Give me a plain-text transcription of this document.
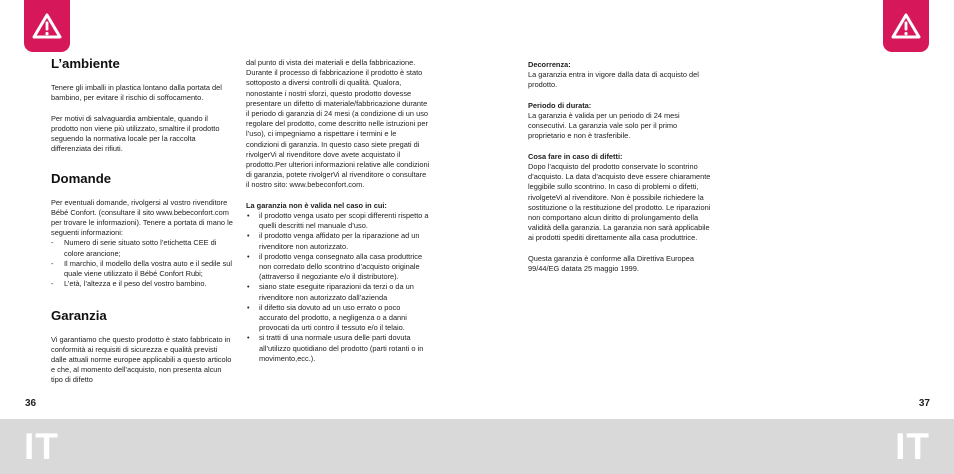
L’ambiente

Tenere gli imballi in plastica lontano dalla portata del bambino, per evitare il rischio di soffocamento.

Per motivi di salvaguardia ambientale, quando il prodotto non viene più utilizzato, smaltire il prodotto seguendo la normativa locale per la raccolta differenziata dei rifiuti.

Domande

Per eventuali domande, rivolgersi al vostro rivenditore Bébé Confort. (consultare il sito www.bebeconfort.com per trovare le informazioni). Tenere a portata di mano le seguenti informazioni:

- Numero di serie situato sotto l’etichetta CEE di colore arancione;
- Il marchio, il modello della vostra auto e il sedile sul quale viene utilizzato il Bébé Confort Rubi;
- L’età, l’altezza e il peso del vostro bambino.
Garanzia

Vi garantiamo che questo prodotto è stato fabbricato in conformità ai requisiti di sicurezza e qualità previsti dalle attuali norme europee applicabili a questo articolo e che, al momento dell’acquisto, non presenta alcun tipo di difetto

dal punto di vista dei materiali e della fabbricazione. Durante il processo di fabbricazione il prodotto è stato sottoposto a diversi controlli di qualità. Qualora, nonostante i nostri sforzi, questo prodotto dovesse presentare un difetto di materiale/fabbricazione durante il periodo di garanzia di 24 mesi (a condizione di un uso regolare del prodotto, come descritto nelle istruzioni per l’uso), ci impegniamo a rispettare i termini e le condizioni di garanzia. In questo caso siete pregati di rivolgerVi al rivenditore dove avete acquistato il prodotto.Per ulteriori informazioni relative alle condizioni di garanzia, potete rivolgerVi al rivenditore o consultare il nostro sito: www.bebeconfort.com.

La garanzia non è valida nel caso in cui:

• il prodotto venga usato per scopi differenti rispetto a quelli descritti nel manuale d’uso.
• il prodotto venga affidato per la riparazione ad un rivenditore non autorizzato.
• il prodotto venga consegnato alla casa produttrice non corredato dello scontrino d’acquisto originale (attraverso il negoziante e/o il distributore).
• siano state eseguite riparazioni da terzi o da un rivenditore non autorizzato dall’azienda
• il difetto sia dovuto ad un uso errato o poco accurato del prodotto, a negligenza o a danni provocati da urti contro il tessuto e/o il telaio.
• si tratti di una normale usura delle parti dovuta all’utilizzo quotidiano del prodotto (parti rotanti o in movimento,ecc.).
36
IT
37
IT

Decorrenza:

La garanzia entra in vigore dalla data di acquisto del prodotto.

Periodo di durata:

La garanzia è valida per un periodo di 24 mesi consecutivi. La garanzia vale solo per il primo proprietario e non è trasferibile.

Cosa fare in caso di difetti:

Dopo l’acquisto del prodotto conservate lo scontrino d’acquisto. La data d’acquisto deve essere chiaramente leggibile sullo scontrino. In caso di problemi o difetti, rivolgeteVi al rivenditore. Non è possibile richiedere la sostituzione o la restituzione del prodotto. Le riparazioni non comportano alcun diritto di prolungamento della validità della garanzia. La garanzia non sarà applicabile ai prodotti spediti direttamente alla casa produttrice.

Questa garanzia è conforme alla Direttiva Europea 99/44/EG datata 25 maggio 1999.
